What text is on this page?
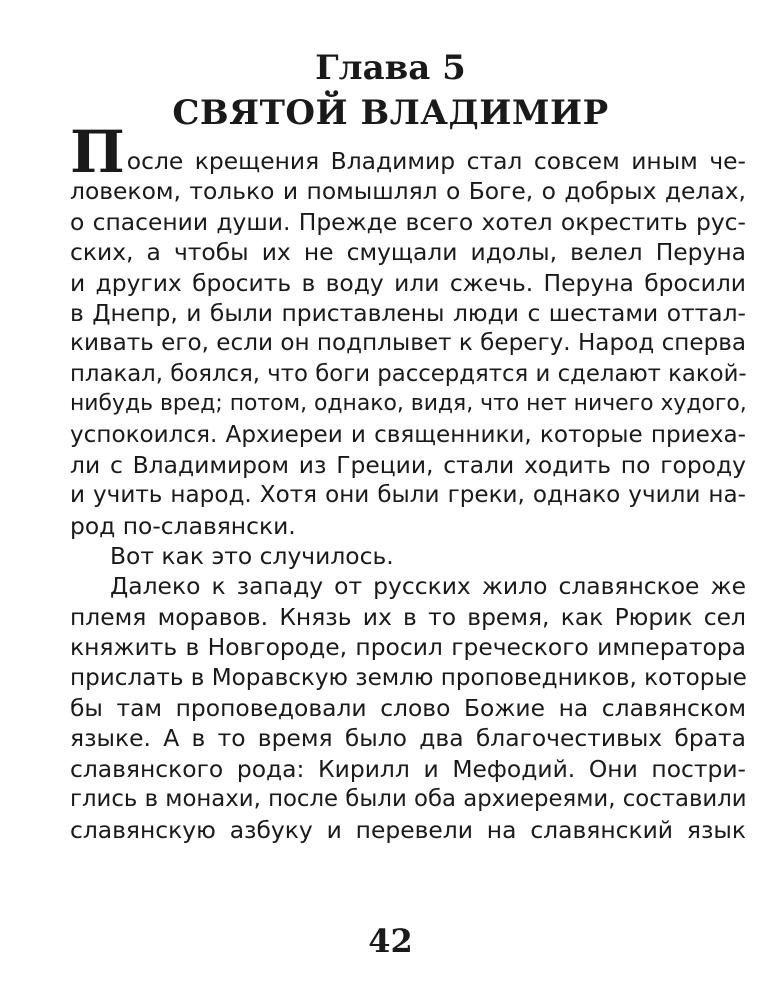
Глава 5
СВЯТОЙ ВЛАДИМИР
П осле крещения Владимир стал совсем иным че-
ловеком, только и помышлял о Боге, о добрых делах,
о спасении души. Прежде всего хотел окрестить рус-
ских, а чтобы их не смущали идолы, велел Перуна
и других бросить в воду или сжечь. Перуна бросили
в Днепр, и были приставлены люди с шестами оттал-
кивать его, если он подплывет к берегу. Народ сперва
плакал, боялся, что боги рассердятся и сделают какой-
нибудь вред; потом, однако, видя, что нет ничего худого,
успокоился. Архиереи и священники, которые приеха-
ли с Владимиром из Греции, стали ходить по городу
и учить народ. Хотя они были греки, однако учили на-
род по-славянски.
Вот как это случилось.
Далеко к западу от русских жило славянское же
племя моравов. Князь их в то время, как Рюрик сел
княжить в Новгороде, просил греческого императора
прислать в Моравскую землю проповедников, которые
бы там проповедовали слово Божие на славянском
языке. А в то время было два благочестивых брата
славянского рода: Кирилл и Мефодий. Они постри-
глись в монахи, после были оба архиереями, составили
славянскую азбуку и перевели на славянский язык
42
